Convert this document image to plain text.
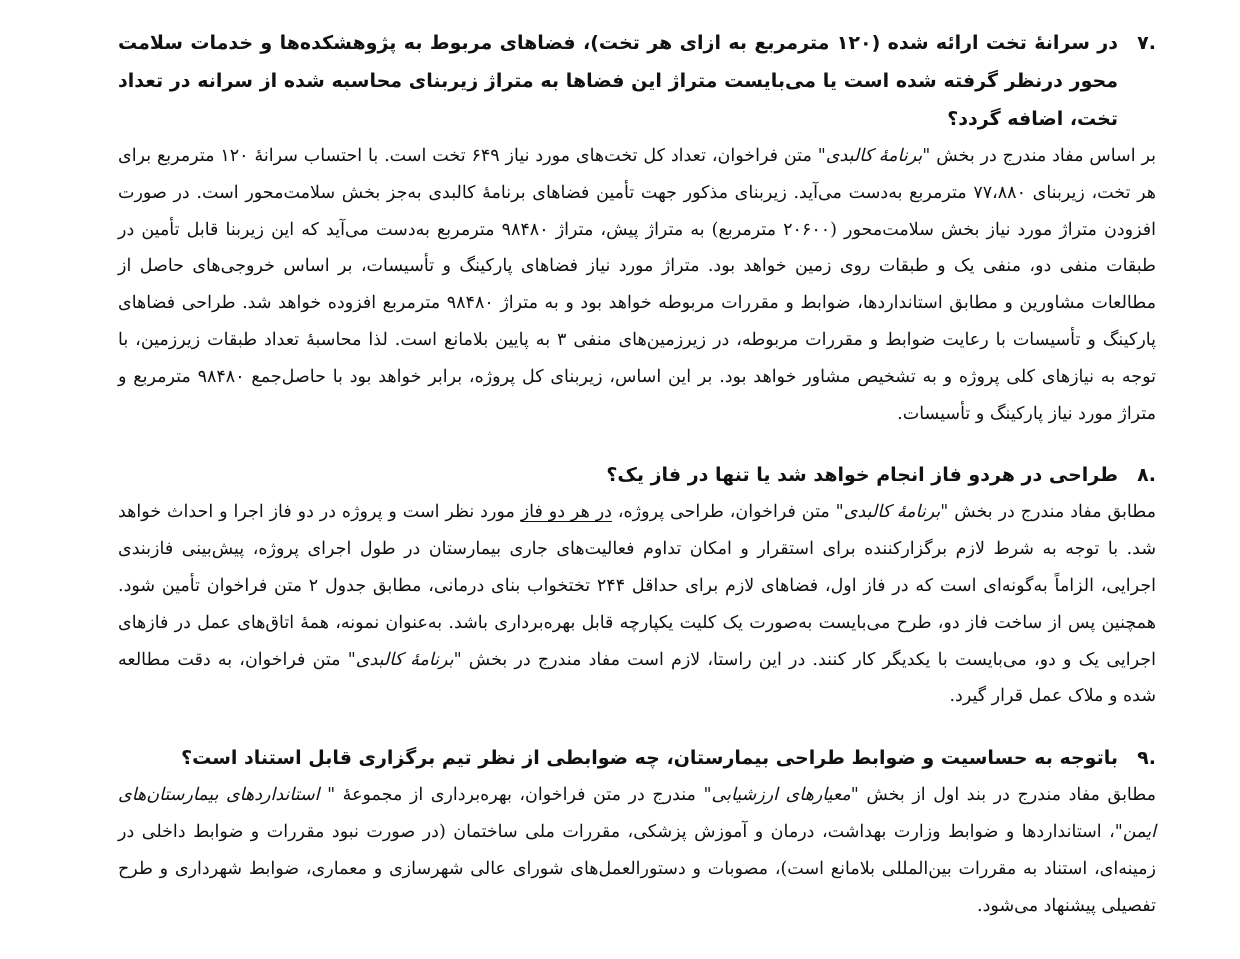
.۷
در سرانۀ تخت ارائه شده (۱۲۰ مترمربع به ازای هر تخت)، فضاهای مربوط به پژوهشکده‌ها و خدمات سلامت محور درنظر گرفته شده است یا می‌بایست متراژ این فضاها به متراژ زیربنای محاسبه شده از سرانه در تعداد تخت، اضافه گردد؟

بر اساس مفاد مندرج در بخش "برنامۀ کالبدی" متن فراخوان، تعداد کل تخت‌های مورد نیاز ۶۴۹ تخت است. با احتساب سرانۀ ۱۲۰ مترمربع برای هر تخت، زیربنای ۷۷،۸۸۰ مترمربع به‌دست می‌آید. زیربنای مذکور جهت تأمین فضاهای برنامۀ کالبدی به‌جز بخش سلامت‌محور است. در صورت افزودن متراژ مورد نیاز بخش سلامت‌محور (۲۰۶۰۰ مترمربع) به متراژ پیش، متراژ ۹۸۴۸۰ مترمربع به‌دست می‌آید که این زیربنا قابل تأمین در طبقات منفی دو، منفی یک و طبقات روی زمین خواهد بود. متراژ مورد نیاز فضاهای پارکینگ و تأسیسات، بر اساس خروجی‌های حاصل از مطالعات مشاورین و مطابق استانداردها، ضوابط و مقررات مربوطه خواهد بود و به متراژ ۹۸۴۸۰ مترمربع افزوده خواهد شد. طراحی فضاهای پارکینگ و تأسیسات با رعایت ضوابط و مقررات مربوطه، در زیرزمین‌های منفی ۳ به پایین بلامانع است. لذا محاسبۀ تعداد طبقات زیرزمین، با توجه به نیازهای کلی پروژه و به تشخیص مشاور خواهد بود. بر این اساس، زیربنای کل پروژه، برابر خواهد بود با حاصل‌جمع ۹۸۴۸۰ مترمربع و متراژ مورد نیاز پارکینگ و تأسیسات.

.۸
طراحی در هردو فاز انجام خواهد شد یا تنها در فاز یک؟

مطابق مفاد مندرج در بخش "برنامۀ کالبدی" متن فراخوان، طراحی پروژه، در هر دو فاز مورد نظر است و پروژه در دو فاز اجرا و احداث خواهد شد. با توجه به شرط لازم برگزارکننده برای استقرار و امکان تداوم فعالیت‌های جاری بیمارستان در طول اجرای پروژه، پیش‌بینی فازبندی اجرایی، الزاماً به‌گونه‌ای است که در فاز اول، فضاهای لازم برای حداقل ۲۴۴ تختخواب بنای درمانی، مطابق جدول ۲ متن فراخوان تأمین شود. همچنین پس از ساخت فاز دو، طرح می‌بایست به‌صورت یک کلیت یکپارچه قابل بهره‌برداری باشد. به‌عنوان نمونه، همۀ اتاق‌های عمل در فازهای اجرایی یک و دو، می‌بایست با یکدیگر کار کنند. در این راستا، لازم است مفاد مندرج در بخش "برنامۀ کالبدی" متن فراخوان، به دقت مطالعه شده و ملاک عمل قرار گیرد.

.۹
باتوجه به حساسیت و ضوابط طراحی بیمارستان، چه ضوابطی از نظر تیم برگزاری قابل استناد است؟

مطابق مفاد مندرج در بند اول از بخش "معیارهای ارزشیابی" مندرج در متن فراخوان، بهره‌برداری از مجموعۀ " استانداردهای بیمارستان‌های ایمن"، استانداردها و ضوابط وزارت بهداشت، درمان و آموزش پزشکی، مقررات ملی ساختمان (در صورت نبود مقررات و ضوابط داخلی در زمینه‌ای، استناد به مقررات بین‌المللی بلامانع است)، مصوبات و دستورالعمل‌های شورای عالی شهرسازی و معماری، ضوابط شهرداری و طرح تفصیلی پیشنهاد می‌شود.
